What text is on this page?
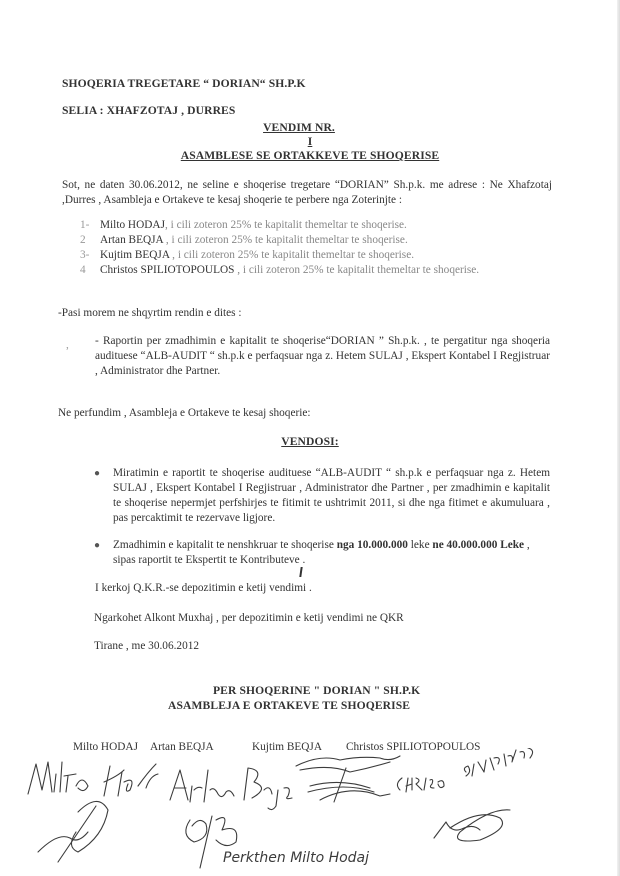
SHOQERIA TREGETARE “ DORIAN“ SH.P.K
SELIA : XHAFZOTAJ , DURRES
VENDIM NR.
I
ASAMBLESE SE ORTAKKEVE TE SHOQERISE
Sot, ne daten 30.06.2012, ne seline e shoqerise tregetare “DORIAN” Sh.p.k. me adrese : Ne Xhafzotaj ,Durres , Asambleja e Ortakeve te kesaj shoqerie te perbere nga Zoterinjte :
1- Milto HODAJ, i cili zoteron 25% te kapitalit themeltar te shoqerise.
2 Artan BEQJA , i cili zoteron 25% te kapitalit themeltar te shoqerise.
3- Kujtim BEQJA , i cili zoteron 25% te kapitalit themeltar te shoqerise.
4 Christos SPILIOTOPOULOS , i cili zoteron 25% te kapitalit themeltar te shoqerise.
-Pasi morem ne shqyrtim rendin e dites :
, - Raportin per zmadhimin e kapitalit te shoqerise“DORIAN ” Sh.p.k. , te pergatitur nga shoqeria audituese “ALB-AUDIT “ sh.p.k e perfaqsuar nga z. Hetem SULAJ , Ekspert Kontabel I Regjistruar , Administrator dhe Partner.
Ne perfundim , Asambleja e Ortakeve te kesaj shoqerie:
VENDOSI:
● Miratimin e raportit te shoqerise audituese “ALB-AUDIT “ sh.p.k e perfaqsuar nga z. Hetem SULAJ , Ekspert Kontabel I Regjistruar , Administrator dhe Partner , per zmadhimin e kapitalit te shoqerise nepermjet perfshirjes te fitimit te ushtrimit 2011, si dhe nga fitimet e akumuluara , pas percaktimit te rezervave ligjore.
● Zmadhimin e kapitalit te nenshkruar te shoqerise nga 10.000.000 leke ne 40.000.000 Leke , sipas raportit te Ekspertit te Kontributeve .
I kerkoj Q.K.R.-se depozitimin e ketij vendimi .
Ngarkohet Alkont Muxhaj , per depozitimin e ketij vendimi ne QKR
Tirane , me 30.06.2012
PER SHOQERINE " DORIAN " SH.P.K
ASAMBLEJA E ORTAKEVE TE SHOQERISE
Milto HODAJ Artan BEQJA	Kujtim BEQJA Christos SPILIOTOPOULOS
Perkthen Milto Hodaj
